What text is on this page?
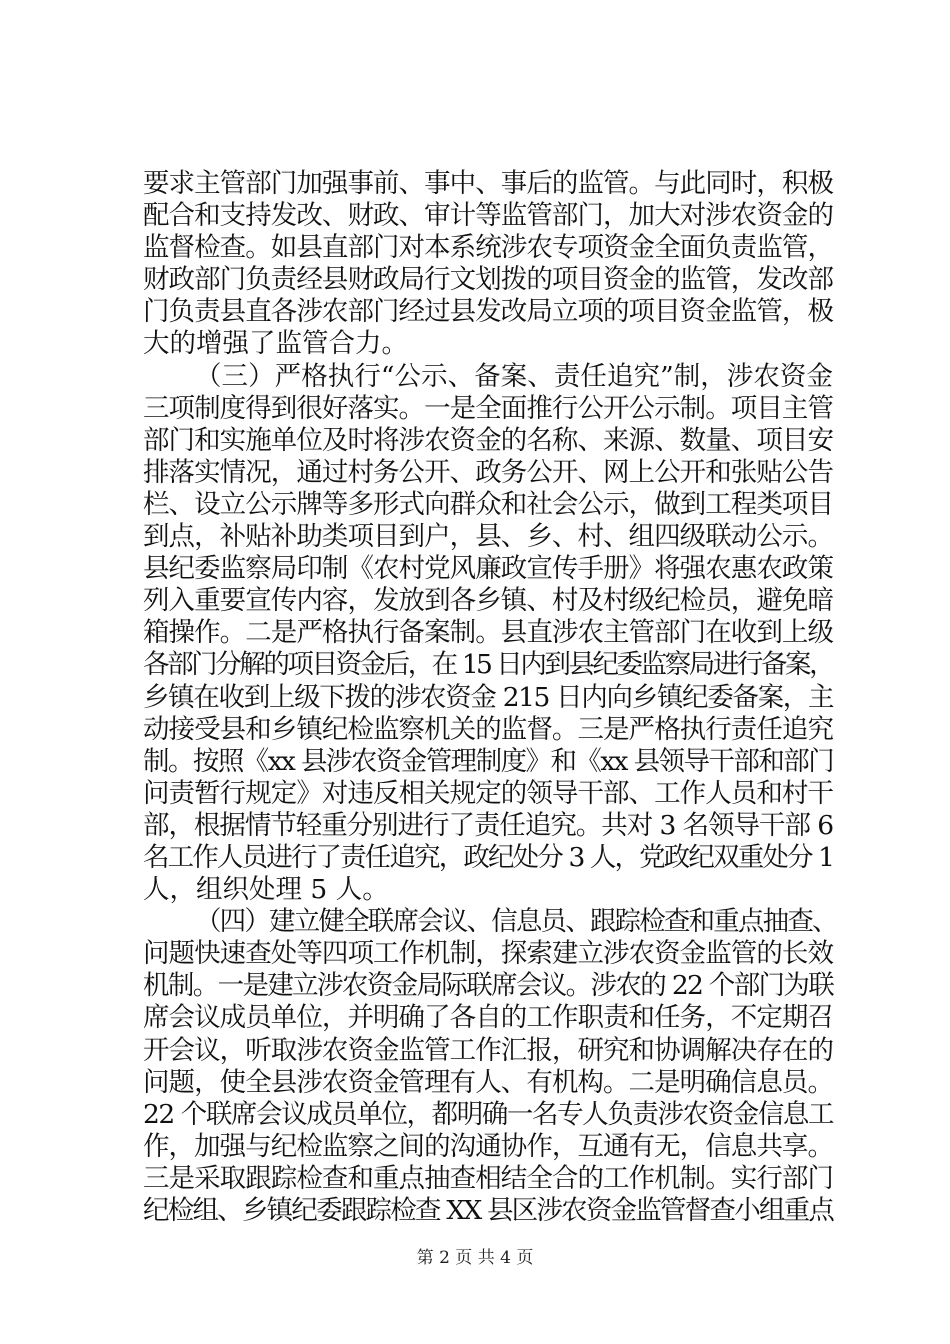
要求主管部门加强事前、事中、事后的监管。与此同时，积极
配合和支持发改、财政、审计等监管部门，加大对涉农资金的
监督检查。如县直部门对本系统涉农专项资金全面负责监管，
财政部门负责经县财政局行文划拨的项目资金的监管，发改部
门负责县直各涉农部门经过县发改局立项的项目资金监管，极
大的增强了监管合力。
（三）严格执行“公示、备案、责任追究”制，涉农资金
三项制度得到很好落实。一是全面推行公开公示制。项目主管
部门和实施单位及时将涉农资金的名称、来源、数量、项目安
排落实情况，通过村务公开、政务公开、网上公开和张贴公告
栏、设立公示牌等多形式向群众和社会公示，做到工程类项目
到点，补贴补助类项目到户，县、乡、村、组四级联动公示。
县纪委监察局印制《农村党风廉政宣传手册》将强农惠农政策
列入重要宣传内容，发放到各乡镇、村及村级纪检员，避免暗
箱操作。二是严格执行备案制。县直涉农主管部门在收到上级
各部门分解的项目资金后，在 15 日内到县纪委监察局进行备案，
乡镇在收到上级下拨的涉农资金 215 日内向乡镇纪委备案，主
动接受县和乡镇纪检监察机关的监督。三是严格执行责任追究
制。按照《xx 县涉农资金管理制度》和《xx 县领导干部和部门
问责暂行规定》对违反相关规定的领导干部、工作人员和村干
部，根据情节轻重分别进行了责任追究。共对 3 名领导干部 6
名工作人员进行了责任追究，政纪处分 3 人，党政纪双重处分 1
人，组织处理 5 人。
（四）建立健全联席会议、信息员、跟踪检查和重点抽查、
问题快速查处等四项工作机制，探索建立涉农资金监管的长效
机制。一是建立涉农资金局际联席会议。涉农的 22 个部门为联
席会议成员单位，并明确了各自的工作职责和任务，不定期召
开会议，听取涉农资金监管工作汇报，研究和协调解决存在的
问题，使全县涉农资金管理有人、有机构。二是明确信息员。
22 个联席会议成员单位，都明确一名专人负责涉农资金信息工
作，加强与纪检监察之间的沟通协作，互通有无，信息共享。
三是采取跟踪检查和重点抽查相结全合的工作机制。实行部门
纪检组、乡镇纪委跟踪检查 XX 县区涉农资金监管督查小组重点
第 2 页 共 4 页
